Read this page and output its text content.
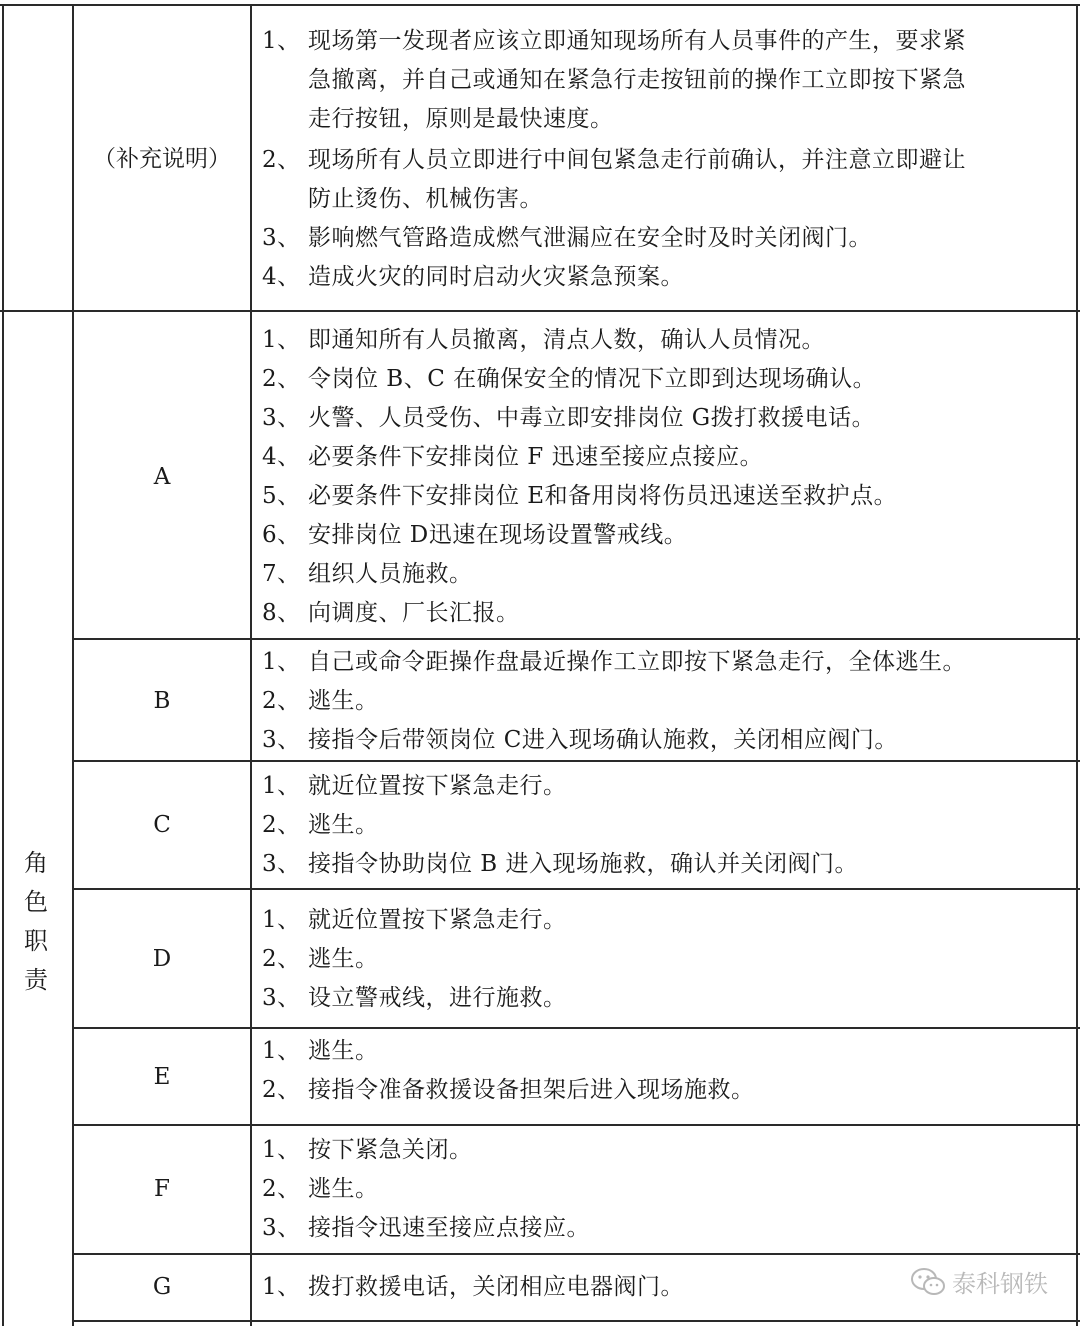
（补充说明）
1、 现场第一发现者应该立即通知现场所有人员事件的产生，要求紧
急撤离，并自己或通知在紧急行走按钮前的操作工立即按下紧急
走行按钮，原则是最快速度。
2、 现场所有人员立即进行中间包紧急走行前确认，并注意立即避让
防止烫伤、机械伤害。
3、 影响燃气管路造成燃气泄漏应在安全时及时关闭阀门。
4、 造成火灾的同时启动火灾紧急预案。
角
色
职
责
A
1、 即通知所有人员撤离，清点人数，确认人员情况。
2、 令岗位 B、C 在确保安全的情况下立即到达现场确认。
3、 火警、人员受伤、中毒立即安排岗位 G拨打救援电话。
4、 必要条件下安排岗位 F 迅速至接应点接应。
5、 必要条件下安排岗位 E和备用岗将伤员迅速送至救护点。
6、 安排岗位 D迅速在现场设置警戒线。
7、 组织人员施救。
8、 向调度、厂长汇报。
B
1、 自己或命令距操作盘最近操作工立即按下紧急走行，全体逃生。
2、 逃生。
3、 接指令后带领岗位 C进入现场确认施救，关闭相应阀门。
C
1、 就近位置按下紧急走行。
2、 逃生。
3、 接指令协助岗位 B 进入现场施救，确认并关闭阀门。
D
1、 就近位置按下紧急走行。
2、 逃生。
3、 设立警戒线，进行施救。
E
1、 逃生。
2、 接指令准备救援设备担架后进入现场施救。
F
1、 按下紧急关闭。
2、 逃生。
3、 接指令迅速至接应点接应。
G	1、 拨打救援电话，关闭相应电器阀门。	泰科钢铁
